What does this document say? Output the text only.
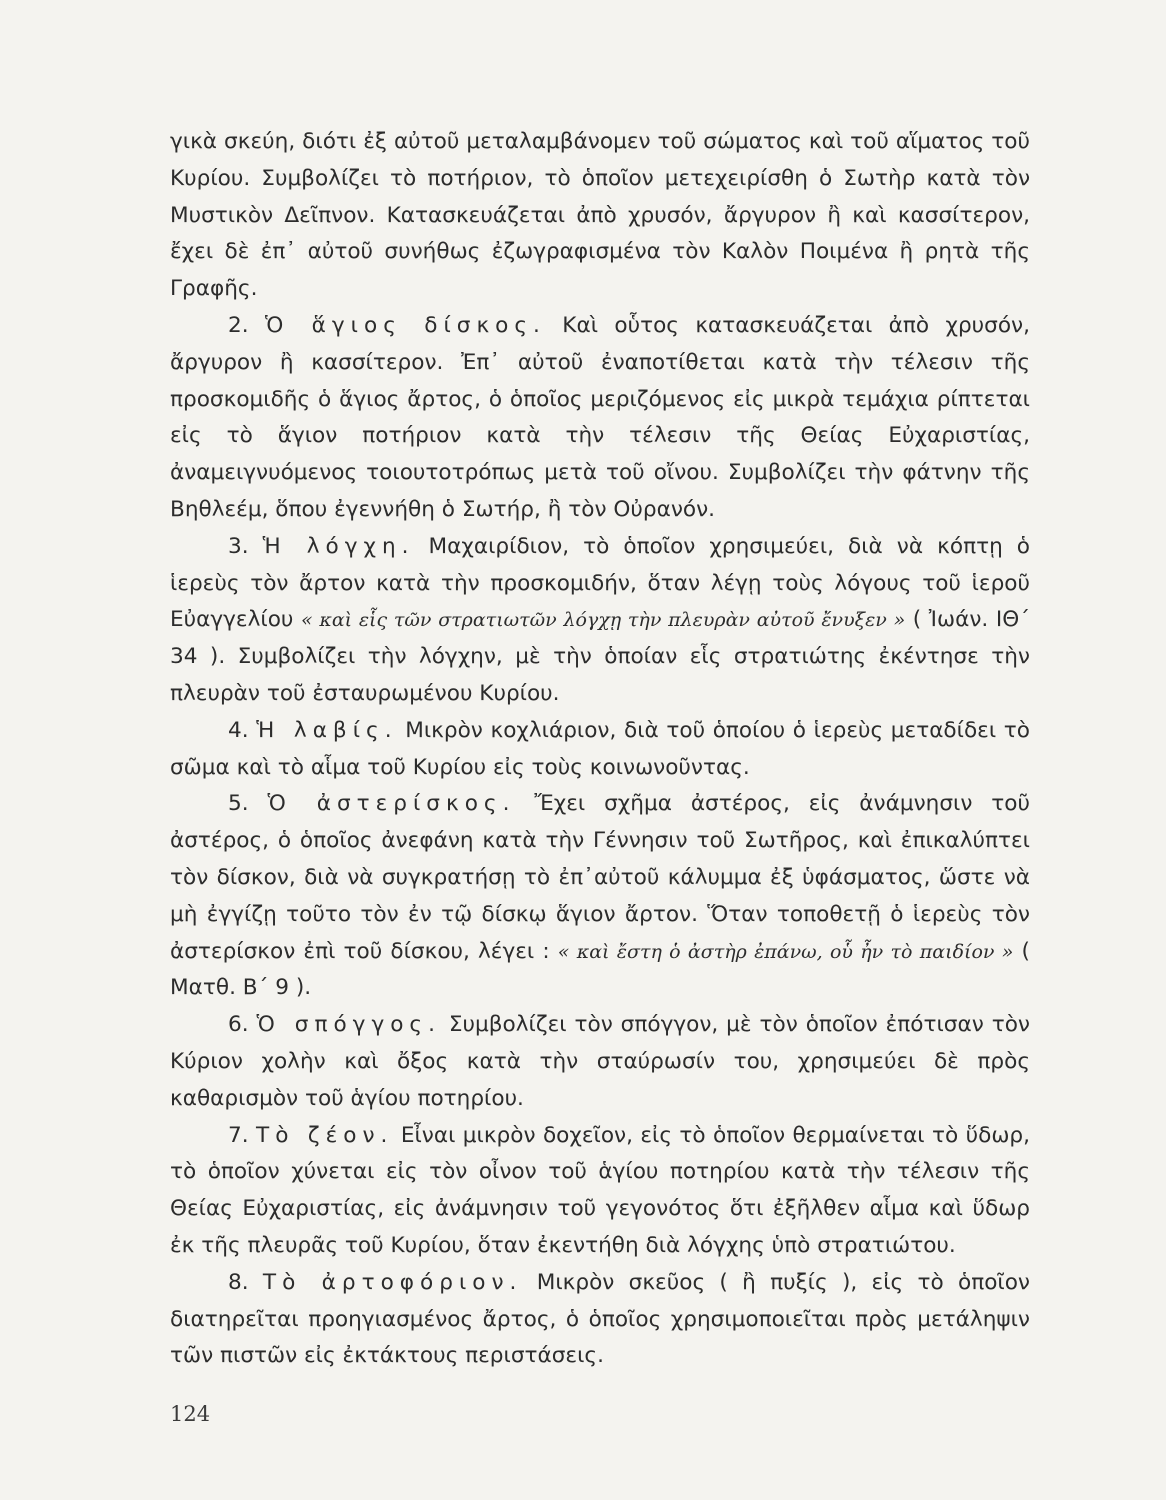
γικὰ σκεύη, διότι ἐξ αὐτοῦ μεταλαμβάνομεν τοῦ σώματος καὶ τοῦ αἵματος τοῦ Κυρίου. Συμβολίζει τὸ ποτήριον, τὸ ὁποῖον μετεχειρίσθη ὁ Σωτὴρ κατὰ τὸν Μυστικὸν Δεῖπνον. Κατασκευάζεται ἀπὸ χρυσόν, ἄργυρον ἢ καὶ κασσίτερον, ἔχει δὲ ἐπ᾽ αὐτοῦ συνήθως ἐζωγραφισμένα τὸν Καλὸν Ποιμένα ἢ ρητὰ τῆς Γραφῆς.

2. Ὁ ἅγιος δίσκος. Καὶ οὗτος κατασκευάζεται ἀπὸ χρυσόν, ἄργυρον ἢ κασσίτερον. Ἐπ᾽ αὐτοῦ ἐναποτίθεται κατὰ τὴν τέλεσιν τῆς προσκομιδῆς ὁ ἅγιος ἄρτος, ὁ ὁποῖος μεριζόμενος εἰς μικρὰ τεμάχια ρίπτεται εἰς τὸ ἅγιον ποτήριον κατὰ τὴν τέλεσιν τῆς Θείας Εὐχαριστίας, ἀναμειγνυόμενος τοιουτοτρόπως μετὰ τοῦ οἴνου. Συμβολίζει τὴν φάτνην τῆς Βηθλεέμ, ὅπου ἐγεννήθη ὁ Σωτήρ, ἢ τὸν Οὐρανόν.

3. Ἡ λόγχη. Μαχαιρίδιον, τὸ ὁποῖον χρησιμεύει, διὰ νὰ κόπτῃ ὁ ἱερεὺς τὸν ἄρτον κατὰ τὴν προσκομιδήν, ὅταν λέγῃ τοὺς λόγους τοῦ ἱεροῦ Εὐαγγελίου « καὶ εἷς τῶν στρατιωτῶν λόγχῃ τὴν πλευρὰν αὐτοῦ ἔνυξεν » ( Ἰωάν. ΙΘ΄ 34 ). Συμβολίζει τὴν λόγχην, μὲ τὴν ὁποίαν εἷς στρατιώτης ἐκέντησε τὴν πλευρὰν τοῦ ἐσταυρωμένου Κυρίου.

4. Ἡ λαβίς. Μικρὸν κοχλιάριον, διὰ τοῦ ὁποίου ὁ ἱερεὺς μεταδίδει τὸ σῶμα καὶ τὸ αἷμα τοῦ Κυρίου εἰς τοὺς κοινωνοῦντας.

5. Ὁ ἀστερίσκος. Ἔχει σχῆμα ἀστέρος, εἰς ἀνάμνησιν τοῦ ἀστέρος, ὁ ὁποῖος ἀνεφάνη κατὰ τὴν Γέννησιν τοῦ Σωτῆρος, καὶ ἐπικαλύπτει τὸν δίσκον, διὰ νὰ συγκρατήσῃ τὸ ἐπ᾽αὐτοῦ κάλυμμα ἐξ ὑφάσματος, ὥστε νὰ μὴ ἐγγίζῃ τοῦτο τὸν ἐν τῷ δίσκῳ ἅγιον ἄρτον. Ὅταν τοποθετῇ ὁ ἱερεὺς τὸν ἀστερίσκον ἐπὶ τοῦ δίσκου, λέγει : « καὶ ἔστη ὁ ἀστὴρ ἐπάνω, οὗ ἦν τὸ παιδίον » ( Ματθ. Β΄ 9 ).

6. Ὁ σπόγγος. Συμβολίζει τὸν σπόγγον, μὲ τὸν ὁποῖον ἐπότισαν τὸν Κύριον χολὴν καὶ ὄξος κατὰ τὴν σταύρωσίν του, χρησιμεύει δὲ πρὸς καθαρισμὸν τοῦ ἁγίου ποτηρίου.

7. Τὸ ζέον. Εἶναι μικρὸν δοχεῖον, εἰς τὸ ὁποῖον θερμαίνεται τὸ ὕδωρ, τὸ ὁποῖον χύνεται εἰς τὸν οἶνον τοῦ ἁγίου ποτηρίου κατὰ τὴν τέλεσιν τῆς Θείας Εὐχαριστίας, εἰς ἀνάμνησιν τοῦ γεγονότος ὅτι ἐξῆλθεν αἷμα καὶ ὕδωρ ἐκ τῆς πλευρᾶς τοῦ Κυρίου, ὅταν ἐκεντήθη διὰ λόγχης ὑπὸ στρατιώτου.

8. Τὸ ἀρτοφόριον. Μικρὸν σκεῦος ( ἢ πυξίς ), εἰς τὸ ὁποῖον διατηρεῖται προηγιασμένος ἄρτος, ὁ ὁποῖος χρησιμοποιεῖται πρὸς μετάληψιν τῶν πιστῶν εἰς ἐκτάκτους περιστάσεις.

124
